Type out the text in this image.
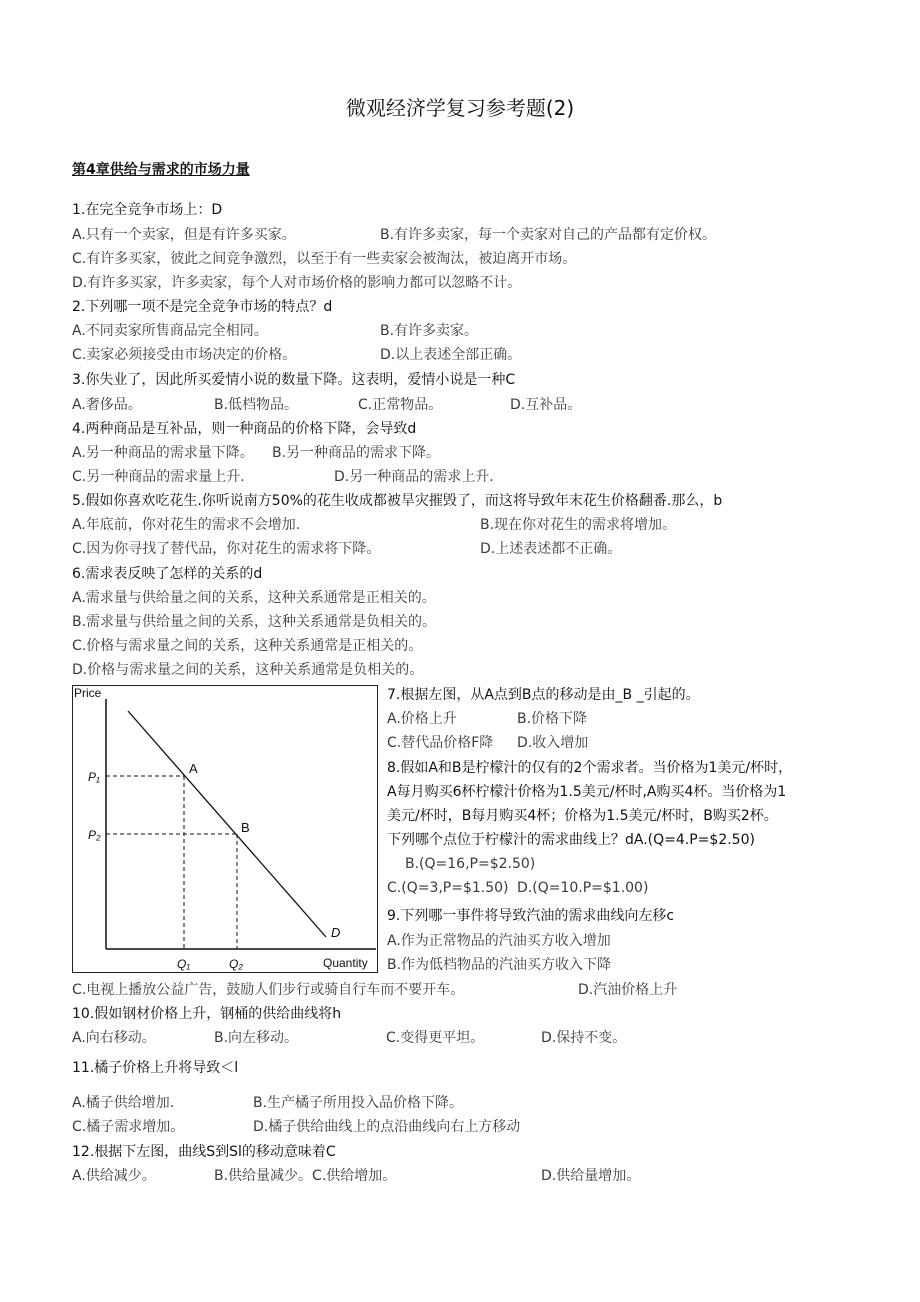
微观经济学复习参考题(2)
第4章供给与需求的市场力量
1.在完全竞争市场上：D
A.只有一个卖家，但是有许多买家。	B.有许多卖家，每一个卖家对自己的产品都有定价权。
C.有许多买家，彼此之间竞争激烈，以至于有一些卖家会被淘汰，被迫离开市场。
D.有许多买家，许多卖家，每个人对市场价格的影响力都可以忽略不计。
2.下列哪一项不是完全竞争市场的特点？d
A.不同卖家所售商品完全相同。	B.有许多卖家。
C.卖家必须接受由市场决定的价格。	D.以上表述全部正确。
3.你失业了，因此所买爱情小说的数量下降。这表明，爱情小说是一种C
A.奢侈品。	B.低档物品。	C.正常物品。	D.互补品。
4.两种商品是互补品，则一种商品的价格下降，会导致d
A.另一种商品的需求量下降。 B.另一种商品的需求下降。
C.另一种商品的需求量上升.	D.另一种商品的需求上升.
5.假如你喜欢吃花生.你听说南方50%的花生收成都被旱灾摧毁了，而这将导致年末花生价格翻番.那么，b
A.年底前，你对花生的需求不会增加.	B.现在你对花生的需求将增加。
C.因为你寻找了替代品，你对花生的需求将下降。	D.上述表述都不正确。
6.需求表反映了怎样的关系的d
A.需求量与供给量之间的关系，这种关系通常是正相关的。
B.需求量与供给量之间的关系，这种关系通常是负相关的。
C.价格与需求量之间的关系，这种关系通常是正相关的。
D.价格与需求量之间的关系，这种关系通常是负相关的。
Price
Quantity
P₁
P₂
Q₁	Q₂
A
B
D
7.根据左图，从A点到B点的移动是由_B _引起的。
A.价格上升	B.价格下降
C.替代品价格F降 D.收入增加
8.假如A和B是柠檬汁的仅有的2个需求者。当价格为1美元/杯时，
A每月购买6杯柠檬汁价格为1.5美元/杯时,A购买4杯。当价格为1
美元/杯时，B每月购买4杯；价格为1.5美元/杯时，B购买2杯。
下列哪个点位于柠檬汁的需求曲线上？dA.(Q=4.P=$2.50)
B.(Q=16,P=$2.50)
C.(Q=3,P=$1.50) D.(Q=10.P=$1.00)
9.下列哪一事件将导致汽油的需求曲线向左移c
A.作为正常物品的汽油买方收入增加
B.作为低档物品的汽油买方收入下降
C.电视上播放公益广告，鼓励人们步行或骑自行车而不要开车。	D.汽油价格上升
10.假如钢材价格上升，钢桶的供给曲线将h
A.向右移动。	B.向左移动。	C.变得更平坦。	D.保持不变。
11.橘子价格上升将导致＜l
A.橘子供给增加.	B.生产橘子所用投入品价格下降。
C.橘子需求增加。	D.橘子供给曲线上的点沿曲线向右上方移动
12.根据下左图，曲线S到Sl的移动意味着C
A.供给减少。	B.供给量减少。C.供给增加。	D.供给量增加。
